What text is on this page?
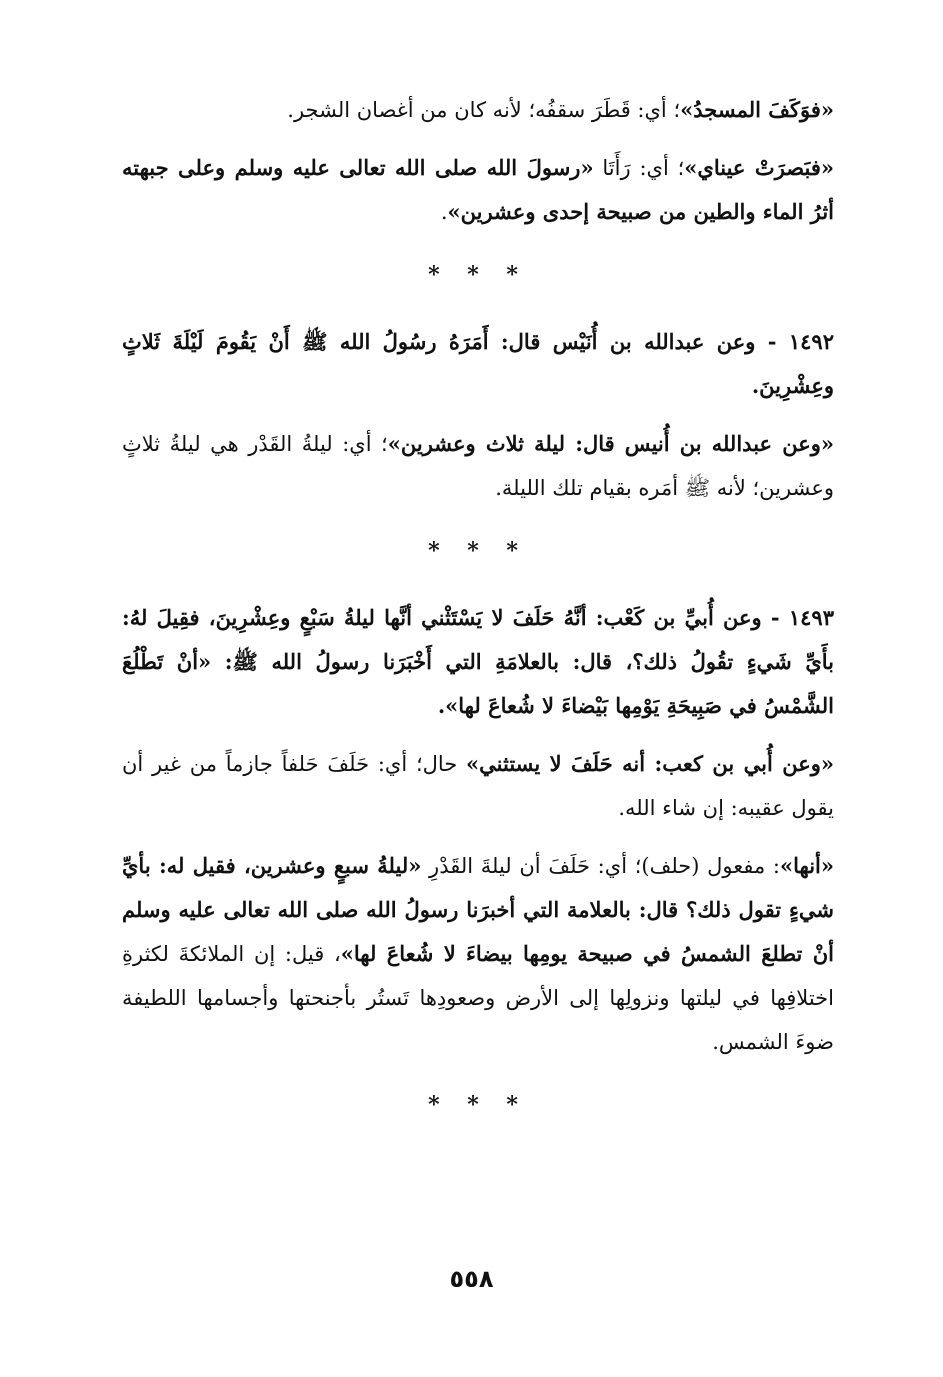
«فوَكَفَ المسجدُ»؛ أي: قَطَرَ سقفُه؛ لأنه كان من أغصان الشجر.

«فبَصرَتْ عيناي»؛ أي: رَأَتَا «رسولَ الله صلى الله تعالى عليه وسلم وعلى جبهته أثرُ الماء والطين من صبيحة إحدى وعشرين».

* * *

١٤٩٢ - وعن عبدالله بن أُنَيْس قال: أَمَرَهُ رسُولُ الله ﷺ أَنْ يَقُومَ لَيْلَةَ ثَلاثٍ وعِشْرِينَ.

«وعن عبدالله بن أُنيس قال: ليلة ثلاث وعشرين»؛ أي: ليلةُ القَدْر هي ليلةُ ثلاثٍ وعشرين؛ لأنه ﷺ أمَره بقيام تلك الليلة.

* * *

١٤٩٣ - وعن أُبيِّ بن كَعْب: أنَّهُ حَلَفَ لا يَسْتَثْني أنَّها ليلةُ سَبْعٍ وعِشْرِينَ، فقِيلَ لهُ: بأَيِّ شَيءٍ تقُولُ ذلك؟، قال: بالعلامَةِ التي أَخْبَرَنا رسولُ الله ﷺ: «أنْ تَطْلُعَ الشَّمْسُ في صَبِيحَةِ يَوْمِها بَيْضاءَ لا شُعاعَ لها».

«وعن أُبي بن كعب: أنه حَلَفَ لا يستثني» حال؛ أي: حَلَفَ حَلفاً جازماً من غير أن يقول عقيبه: إن شاء الله.

«أنها»: مفعول (حلف)؛ أي: حَلَفَ أن ليلةَ القَدْرِ «ليلةُ سبعٍ وعشرين، فقيل له: بأيِّ شيءٍ تقول ذلك؟ قال: بالعلامة التي أخبرَنا رسولُ الله صلى الله تعالى عليه وسلم أنْ تطلعَ الشمسُ في صبيحة يومِها بيضاءَ لا شُعاعَ لها»، قيل: إن الملائكةَ لكثرةِ اختلافِها في ليلتها ونزولِها إلى الأرض وصعودِها تَستُر بأجنحتها وأجسامها اللطيفة ضوءَ الشمس.

* * *
٥٥٨
